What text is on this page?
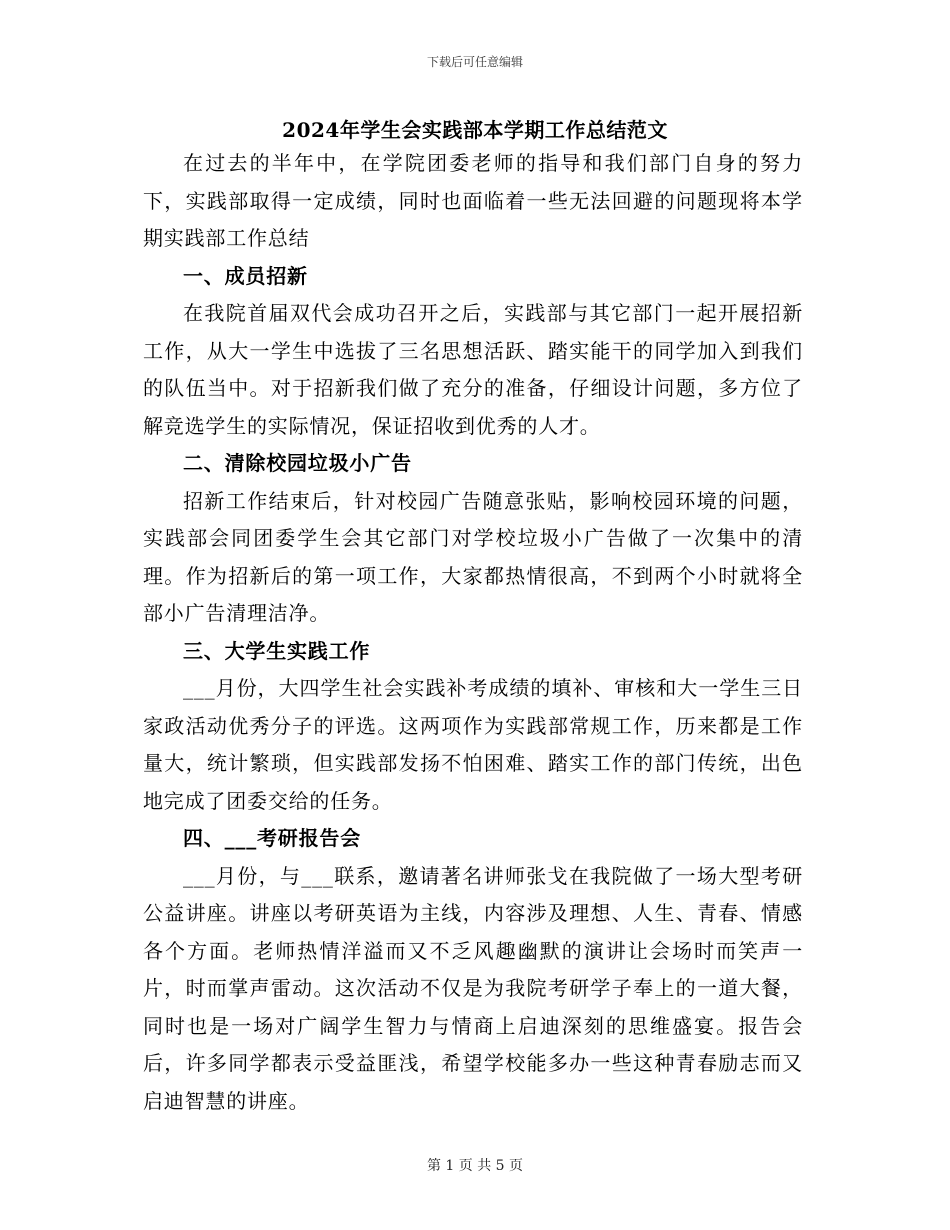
下载后可任意编辑
2024年学生会实践部本学期工作总结范文

在过去的半年中，在学院团委老师的指导和我们部门自身的努力下，实践部取得一定成绩，同时也面临着一些无法回避的问题现将本学期实践部工作总结

一、成员招新

在我院首届双代会成功召开之后，实践部与其它部门一起开展招新工作，从大一学生中选拔了三名思想活跃、踏实能干的同学加入到我们的队伍当中。对于招新我们做了充分的准备，仔细设计问题，多方位了解竞选学生的实际情况，保证招收到优秀的人才。

二、清除校园垃圾小广告

招新工作结束后，针对校园广告随意张贴，影响校园环境的问题，实践部会同团委学生会其它部门对学校垃圾小广告做了一次集中的清理。作为招新后的第一项工作，大家都热情很高，不到两个小时就将全部小广告清理洁净。

三、大学生实践工作

___月份，大四学生社会实践补考成绩的填补、审核和大一学生三日家政活动优秀分子的评选。这两项作为实践部常规工作，历来都是工作量大，统计繁琐，但实践部发扬不怕困难、踏实工作的部门传统，出色地完成了团委交给的任务。

四、___考研报告会

___月份，与___联系，邀请著名讲师张戈在我院做了一场大型考研公益讲座。讲座以考研英语为主线，内容涉及理想、人生、青春、情感各个方面。老师热情洋溢而又不乏风趣幽默的演讲让会场时而笑声一片，时而掌声雷动。这次活动不仅是为我院考研学子奉上的一道大餐，同时也是一场对广阔学生智力与情商上启迪深刻的思维盛宴。报告会后，许多同学都表示受益匪浅，希望学校能多办一些这种青春励志而又启迪智慧的讲座。

第 1 页 共 5 页
